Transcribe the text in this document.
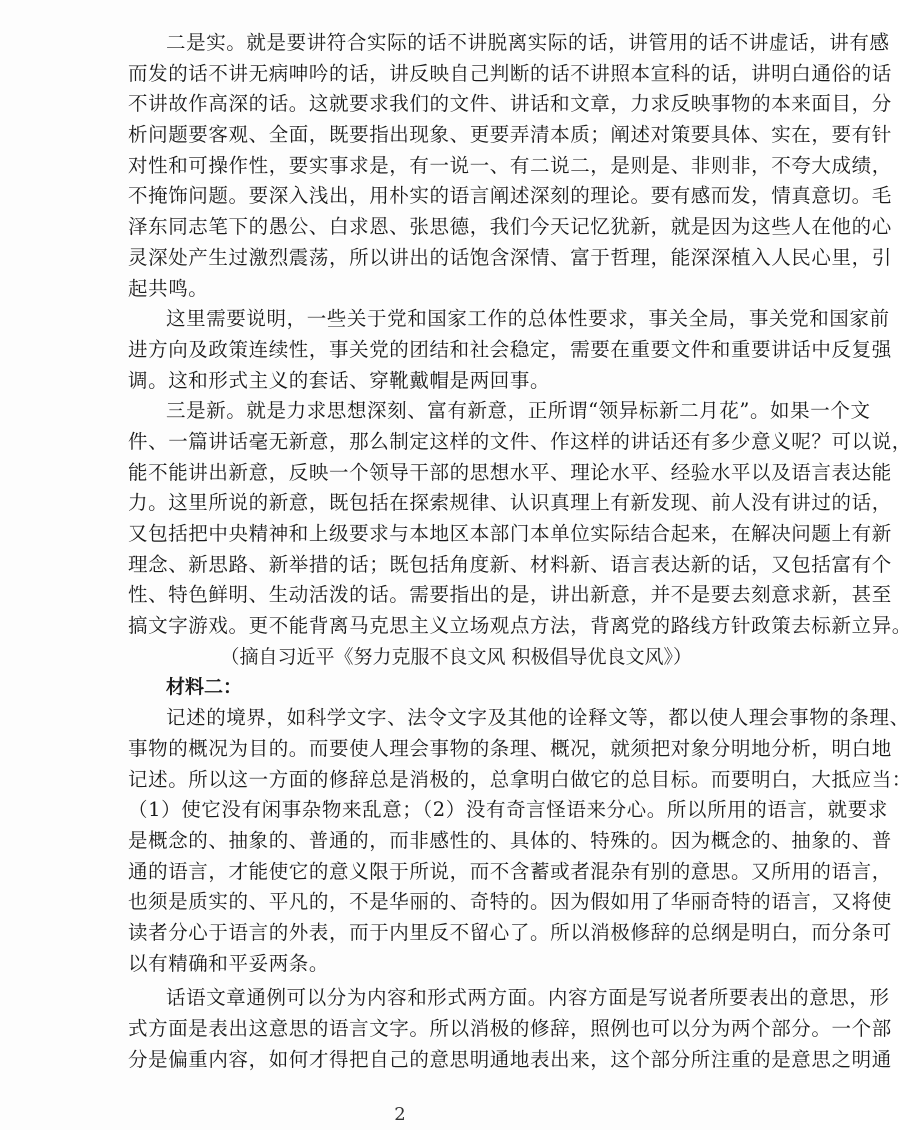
二是实。就是要讲符合实际的话不讲脱离实际的话，讲管用的话不讲虚话，讲有感
而发的话不讲无病呻吟的话，讲反映自己判断的话不讲照本宣科的话，讲明白通俗的话
不讲故作高深的话。这就要求我们的文件、讲话和文章，力求反映事物的本来面目，分
析问题要客观、全面，既要指出现象、更要弄清本质；阐述对策要具体、实在，要有针
对性和可操作性，要实事求是，有一说一、有二说二，是则是、非则非，不夸大成绩，
不掩饰问题。要深入浅出，用朴实的语言阐述深刻的理论。要有感而发，情真意切。毛
泽东同志笔下的愚公、白求恩、张思德，我们今天记忆犹新，就是因为这些人在他的心
灵深处产生过激烈震荡，所以讲出的话饱含深情、富于哲理，能深深植入人民心里，引
起共鸣。
这里需要说明，一些关于党和国家工作的总体性要求，事关全局，事关党和国家前
进方向及政策连续性，事关党的团结和社会稳定，需要在重要文件和重要讲话中反复强
调。这和形式主义的套话、穿靴戴帽是两回事。
三是新。就是力求思想深刻、富有新意，正所谓“领异标新二月花”。如果一个文
件、一篇讲话毫无新意，那么制定这样的文件、作这样的讲话还有多少意义呢？可以说，
能不能讲出新意，反映一个领导干部的思想水平、理论水平、经验水平以及语言表达能
力。这里所说的新意，既包括在探索规律、认识真理上有新发现、前人没有讲过的话，
又包括把中央精神和上级要求与本地区本部门本单位实际结合起来，在解决问题上有新
理念、新思路、新举措的话；既包括角度新、材料新、语言表达新的话，又包括富有个
性、特色鲜明、生动活泼的话。需要指出的是，讲出新意，并不是要去刻意求新，甚至
搞文字游戏。更不能背离马克思主义立场观点方法，背离党的路线方针政策去标新立异。
（摘自习近平《努力克服不良文风 积极倡导优良文风》）
材料二：
记述的境界，如科学文字、法令文字及其他的诠释文等，都以使人理会事物的条理、
事物的概况为目的。而要使人理会事物的条理、概况，就须把对象分明地分析，明白地
记述。所以这一方面的修辞总是消极的，总拿明白做它的总目标。而要明白，大抵应当：
（1）使它没有闲事杂物来乱意；（2）没有奇言怪语来分心。所以所用的语言，就要求
是概念的、抽象的、普通的，而非感性的、具体的、特殊的。因为概念的、抽象的、普
通的语言，才能使它的意义限于所说，而不含蓄或者混杂有别的意思。又所用的语言，
也须是质实的、平凡的，不是华丽的、奇特的。因为假如用了华丽奇特的语言，又将使
读者分心于语言的外表，而于内里反不留心了。所以消极修辞的总纲是明白，而分条可
以有精确和平妥两条。
话语文章通例可以分为内容和形式两方面。内容方面是写说者所要表出的意思，形
式方面是表出这意思的语言文字。所以消极的修辞，照例也可以分为两个部分。一个部
分是偏重内容，如何才得把自己的意思明通地表出来，这个部分所注重的是意思之明通
2
